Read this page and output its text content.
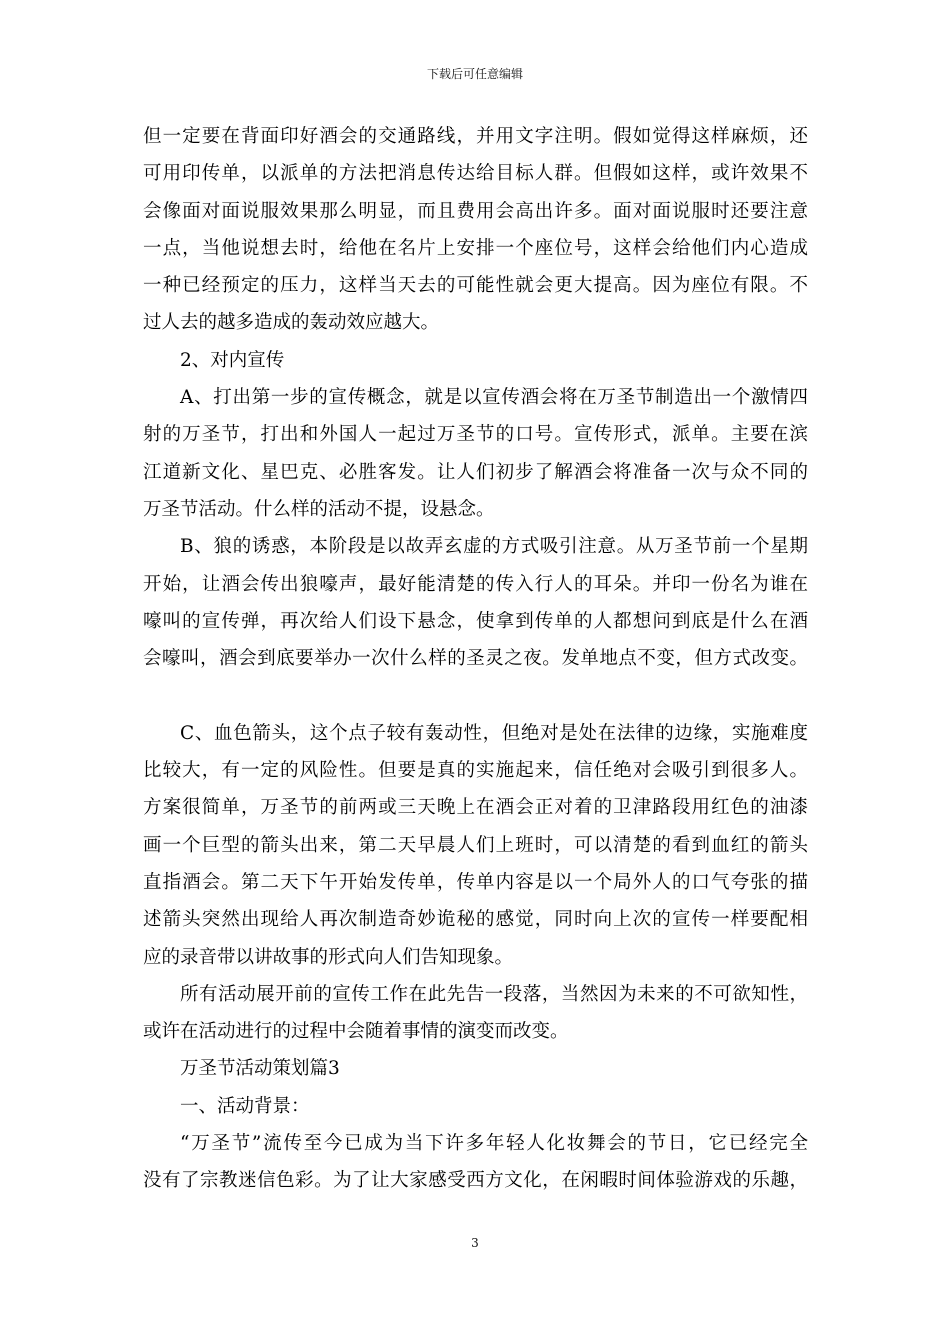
下载后可任意编辑
但一定要在背面印好酒会的交通路线，并用文字注明。假如觉得这样麻烦，还
可用印传单，以派单的方法把消息传达给目标人群。但假如这样，或许效果不
会像面对面说服效果那么明显，而且费用会高出许多。面对面说服时还要注意
一点，当他说想去时，给他在名片上安排一个座位号，这样会给他们内心造成
一种已经预定的压力，这样当天去的可能性就会更大提高。因为座位有限。不
过人去的越多造成的轰动效应越大。
2、对内宣传
A、打出第一步的宣传概念，就是以宣传酒会将在万圣节制造出一个激情四
射的万圣节，打出和外国人一起过万圣节的口号。宣传形式，派单。主要在滨
江道新文化、星巴克、必胜客发。让人们初步了解酒会将准备一次与众不同的
万圣节活动。什么样的活动不提，设悬念。
B、狼的诱惑，本阶段是以故弄玄虚的方式吸引注意。从万圣节前一个星期
开始，让酒会传出狼嚎声，最好能清楚的传入行人的耳朵。并印一份名为谁在
嚎叫的宣传弹，再次给人们设下悬念，使拿到传单的人都想问到底是什么在酒
会嚎叫，酒会到底要举办一次什么样的圣灵之夜。发单地点不变，但方式改变。
C、血色箭头，这个点子较有轰动性，但绝对是处在法律的边缘，实施难度
比较大，有一定的风险性。但要是真的实施起来，信任绝对会吸引到很多人。
方案很简单，万圣节的前两或三天晚上在酒会正对着的卫津路段用红色的油漆
画一个巨型的箭头出来，第二天早晨人们上班时，可以清楚的看到血红的箭头
直指酒会。第二天下午开始发传单，传单内容是以一个局外人的口气夸张的描
述箭头突然出现给人再次制造奇妙诡秘的感觉，同时向上次的宣传一样要配相
应的录音带以讲故事的形式向人们告知现象。
所有活动展开前的宣传工作在此先告一段落，当然因为未来的不可欲知性，
或许在活动进行的过程中会随着事情的演变而改变。
万圣节活动策划篇3
一、活动背景：
“万圣节”流传至今已成为当下许多年轻人化妆舞会的节日，它已经完全
没有了宗教迷信色彩。为了让大家感受西方文化，在闲暇时间体验游戏的乐趣，
3
